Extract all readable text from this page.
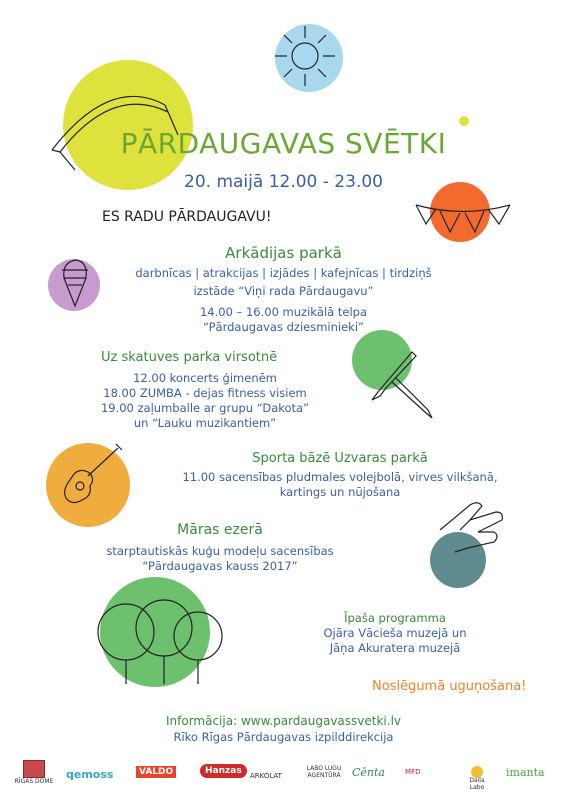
PĀRDAUGAVAS SVĒTKI
20. maijā 12.00 - 23.00
ES RADU PĀRDAUGAVU!
Arkādijas parkā
darbnīcas | atrakcijas | izjādes | kafejnīcas | tirdziņš
izstāde “Viņi rada Pārdaugavu”
14.00 – 16.00 muzikālā telpa
“Pārdaugavas dziesminieki”
Uz skatuves parka virsotnē
12.00 koncerts ģimenēm
18.00 ZUMBA - dejas fitness visiem
19.00 zaļumballe ar grupu “Dakota”
un “Lauku muzikantiem”
Sporta bāzē Uzvaras parkā
11.00 sacensības pludmales volejbolā, virves vilkšanā,
kartings un nūjošana
Māras ezerā
starptautiskās kuģu modeļu sacensības
“Pārdaugavas kauss 2017”
Īpaša programma
Ojāra Vācieša muzejā un
Jāņa Akuratera muzejā
Noslēgumā uguņošana!
Informācija: www.pardaugavassvetki.lv
Rīko Rīgas Pārdaugavas izpilddirekcija
RĪGAS DOME
qemoss	VALDO	Hanzas	ARKOLAT
LABO LUGU AĢENTŪRA	Cēnta	MFD
Daiļa Labo
imanta
